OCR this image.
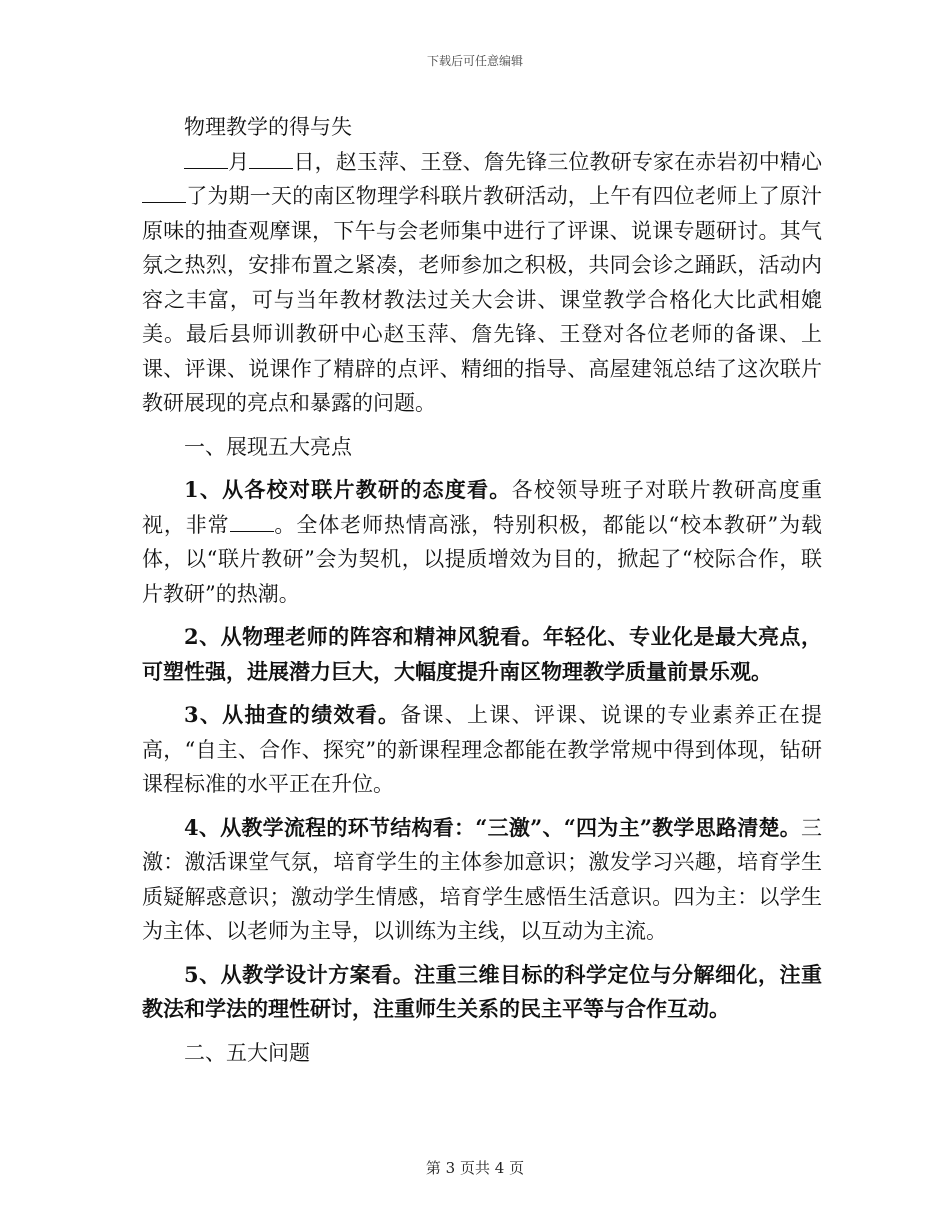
下载后可任意编辑

物理教学的得与失

月 日，赵玉萍、王登、詹先锋三位教研专家在赤岩初中精心了为期一天的南区物理学科联片教研活动，上午有四位老师上了原汁原味的抽查观摩课，下午与会老师集中进行了评课、说课专题研讨。其气氛之热烈，安排布置之紧凑，老师参加之积极，共同会诊之踊跃，活动内容之丰富，可与当年教材教法过关大会讲、课堂教学合格化大比武相媲美。最后县师训教研中心赵玉萍、詹先锋、王登对各位老师的备课、上课、评课、说课作了精辟的点评、精细的指导、高屋建瓴总结了这次联片教研展现的亮点和暴露的问题。

一、展现五大亮点

1、从各校对联片教研的态度看。各校领导班子对联片教研高度重视，非常 。全体老师热情高涨，特别积极，都能以“校本教研”为载体，以“联片教研”会为契机，以提质增效为目的，掀起了“校际合作，联片教研”的热潮。

2、从物理老师的阵容和精神风貌看。年轻化、专业化是最大亮点，可塑性强，进展潜力巨大，大幅度提升南区物理教学质量前景乐观。

3、从抽查的绩效看。备课、上课、评课、说课的专业素养正在提高，“自主、合作、探究”的新课程理念都能在教学常规中得到体现，钻研课程标准的水平正在升位。

4、从教学流程的环节结构看：“三激”、“四为主”教学思路清楚。三激：激活课堂气氛，培育学生的主体参加意识；激发学习兴趣，培育学生质疑解惑意识；激动学生情感，培育学生感悟生活意识。四为主：以学生为主体、以老师为主导，以训练为主线，以互动为主流。

5、从教学设计方案看。注重三维目标的科学定位与分解细化，注重教法和学法的理性研讨，注重师生关系的民主平等与合作互动。

二、五大问题

第 3 页共 4 页
